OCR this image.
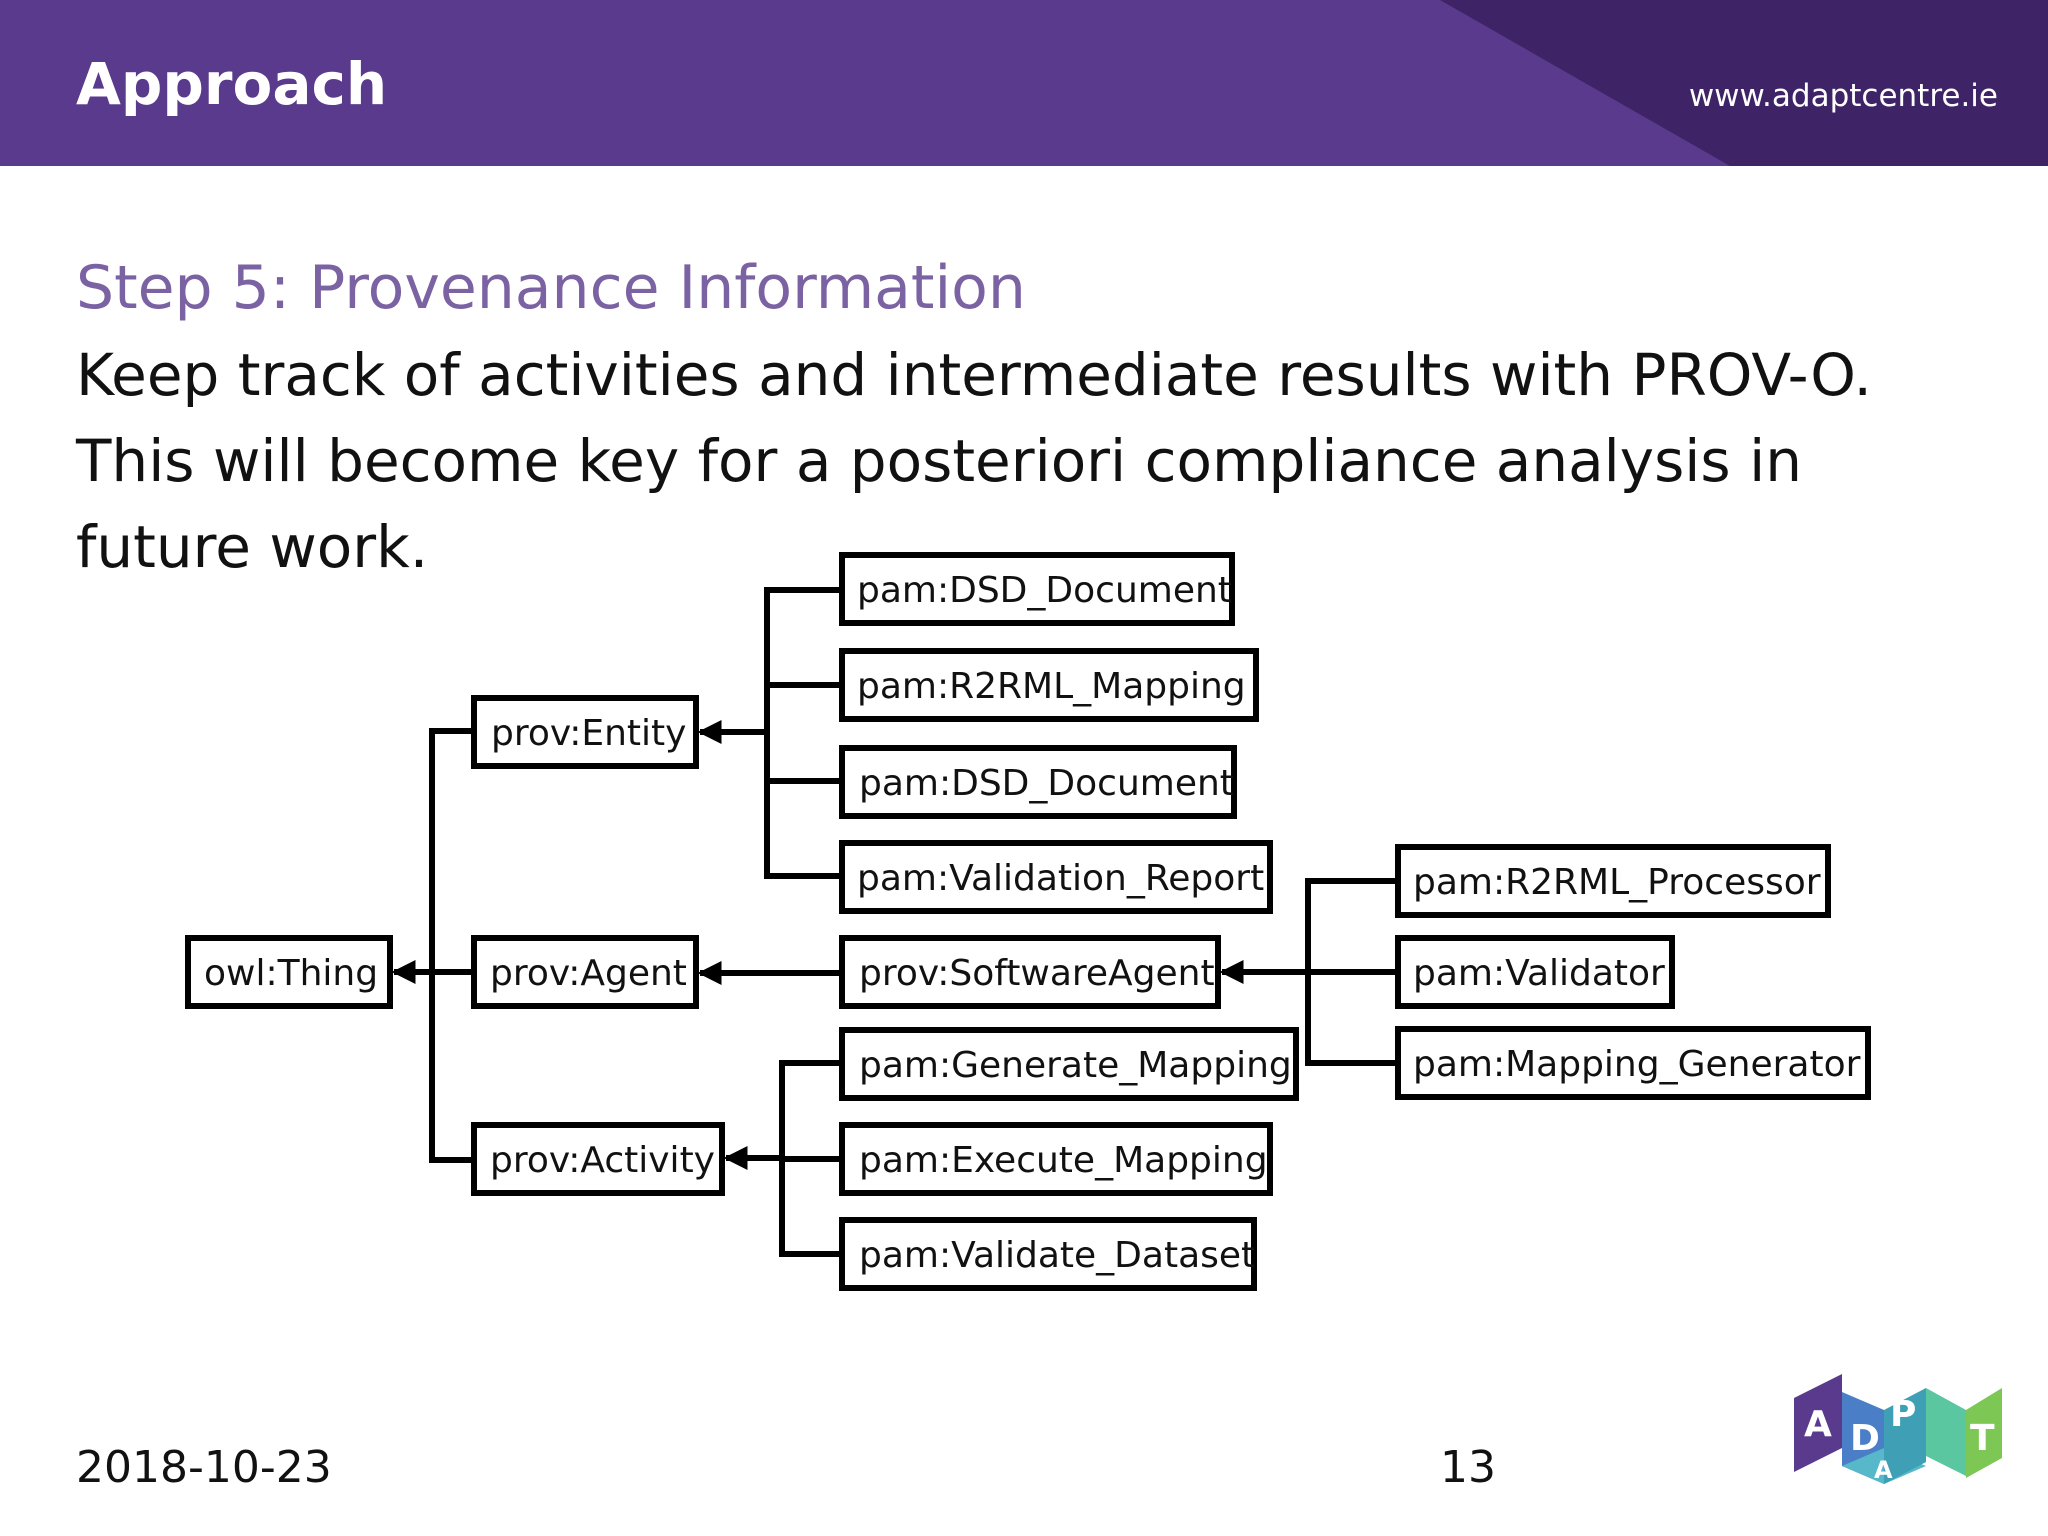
Approach	www.adaptcentre.ie
Step 5: Provenance Information
Keep track of activities and intermediate results with PROV-O.
This will become key for a posteriori compliance analysis in
future work.
owl:Thing
prov:Entity
prov:Agent
prov:Activity
pam:DSD_Document
pam:R2RML_Mapping
pam:DSD_Document
pam:Validation_Report
prov:SoftwareAgent
pam:Generate_Mapping
pam:Execute_Mapping
pam:Validate_Dataset
pam:R2RML_Processor
pam:Validator
pam:Mapping_Generator
2018-10-23	13
A D
A
P
T
